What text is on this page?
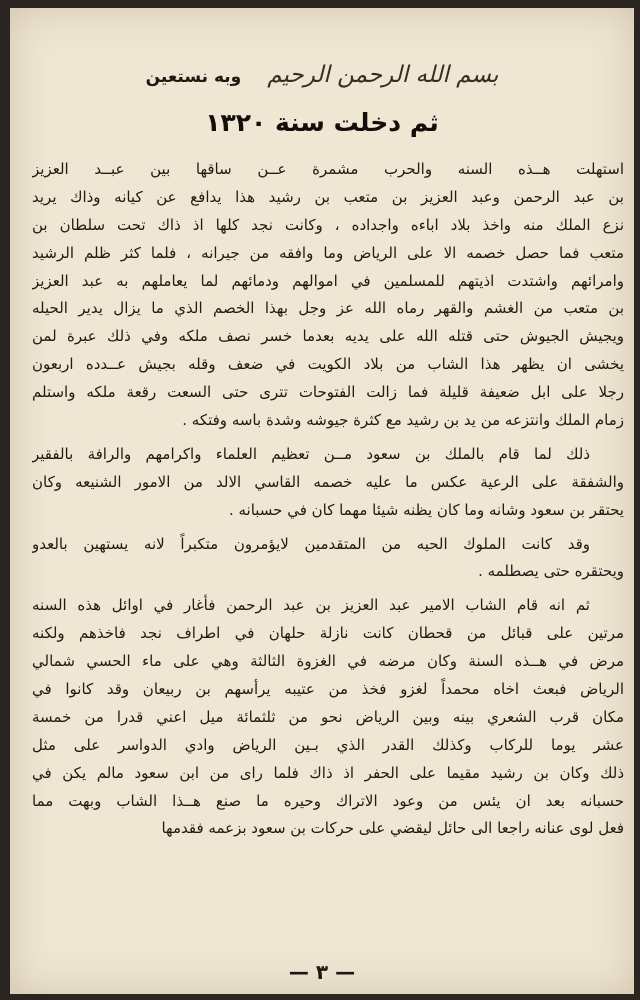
بسم الله الرحمن الرحيم
وبه نستعين
ثم دخلت سنة ١٣٢٠
استهلت هــذه السنه والحرب مشمرة عــن ساقها بين عبــد العزيز
بن عبد الرحمن وعبد العزيز بن متعب بن رشيد هذا يدافع عن كيانه وذاك يريد
نزع الملك منه واخذ بلاد اباءه واجداده ، وكانت نجد كلها اذ ذاك تحت سلطان بن
متعب فما حصل خصمه الا على الرياض وما وافقه من جيرانه ، فلما كثر ظلم الرشيد
وامرائهم واشتدت اذيتهم للمسلمين في اموالهم ودمائهم لما يعاملهم به عبد العزيز
بن متعب من الغشم والقهر رماه الله عز وجل بهذا الخصم الذي ما يزال يدير الحيله
ويجيش الجيوش حتى قتله الله على يديه بعدما خسر نصف ملكه وفي ذلك عبرة لمن
يخشى ان يظهر هذا الشاب من بلاد الكويت في ضعف وقله بجيش عــدده اربعون
رجلا على ابل ضعيفة قليلة فما زالت الفتوحات تترى حتى السعت رقعة ملكه واستلم
زمام الملك وانتزعه من يد بن رشيد مع كثرة جيوشه وشدة باسه وفتكه .
ذلك لما قام بالملك بن سعود مــن تعظيم العلماء واكرامهم والرافة بالفقير
والشفقة على الرعية عكس ما عليه خصمه القاسي الالد من الامور الشنيعه وكان
يحتقر بن سعود وشانه وما كان يظنه شيئا مهما كان في حسبانه .
وقد كانت الملوك الحيه من المتقدمين لايؤمرون متكبراً لانه يستهين بالعدو
ويحتقره حتى يصطلمه .
ثم انه قام الشاب الامير عبد العزيز بن عبد الرحمن فأغار في اوائل هذه السنه
مرتين على قبائل من قحطان كانت نازلة حلهان في اطراف نجد فاخذهم ولكنه
مرض في هــذه السنة وكان مرضه في الغزوة الثالثة وهي على ماء الحسي شمالي
الرياض فبعث اخاه محمداً لغزو فخذ من عتيبه يرأسهم بن ربيعان وقد كانوا في
مكان قرب الشعري بينه وبين الرياض نحو من ثلثمائة ميل اعني قدرا من خمسة
عشر يوما للركاب وكذلك القدر الذي بـين الرياض وادي الدواسر على مثل
ذلك وكان بن رشيد مقيما على الحفر اذ ذاك فلما راى من ابن سعود مالم يكن في
حسبانه بعد ان يئس من وعود الاتراك وحيره ما صنع هــذا الشاب وبهت مما
فعل لوى عنانه راجعا الى حائل ليقضي على حركات بن سعود بزعمه فقدمها
— ٣ —
